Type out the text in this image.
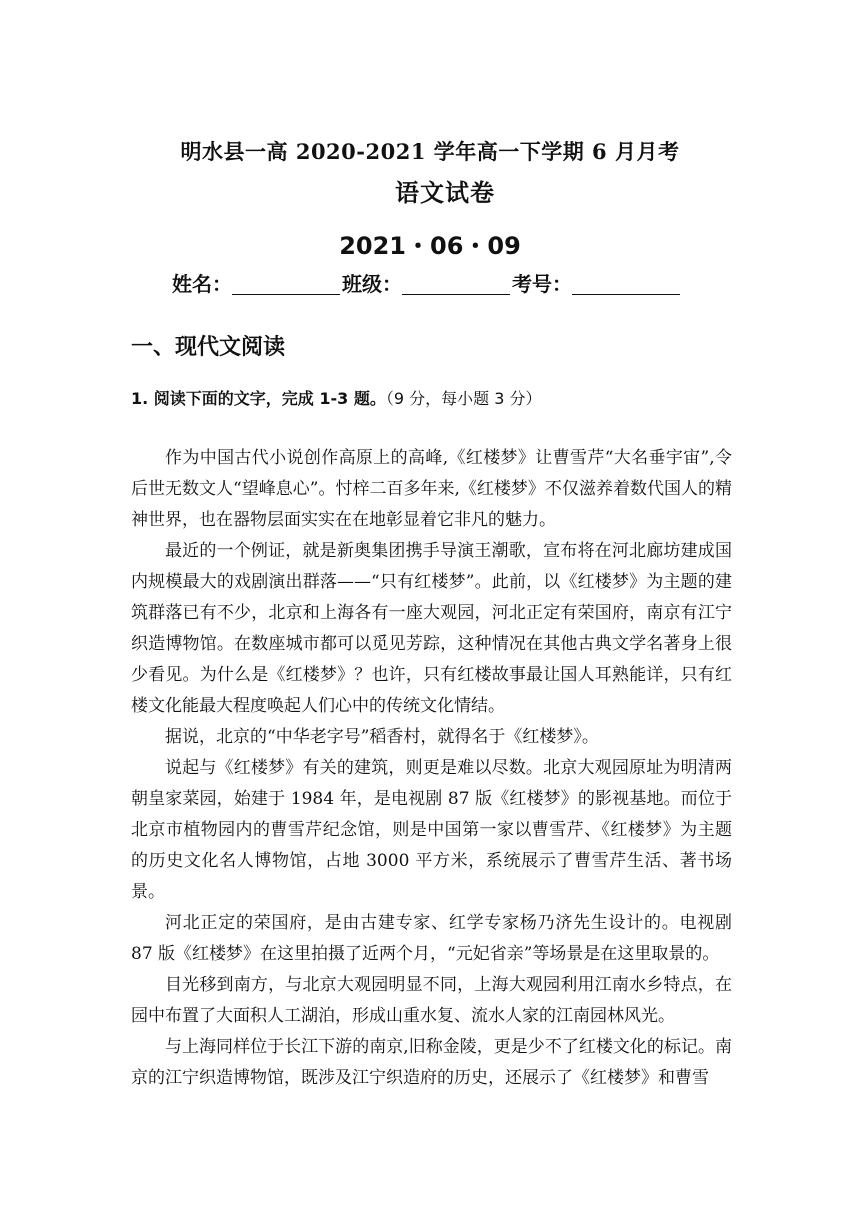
明水县一高 2020-2021 学年高一下学期 6 月月考
语文试卷
2021・06・09
姓名：	班级：	考号：
一、现代文阅读
1. 阅读下面的文字，完成 1-3 题。（9 分，每小题 3 分）

作为中国古代小说创作高原上的高峰,《红楼梦》让曹雪芹“大名垂宇宙”,令后世无数文人“望峰息心”。忖梓二百多年来,《红楼梦》不仅滋养着数代国人的精神世界，也在器物层面实实在在地彰显着它非凡的魅力。

最近的一个例证，就是新奥集团携手导演王潮歌，宣布将在河北廊坊建成国内规模最大的戏剧演出群落——“只有红楼梦”。此前，以《红楼梦》为主题的建筑群落已有不少，北京和上海各有一座大观园，河北正定有荣国府，南京有江宁织造博物馆。在数座城市都可以觅见芳踪，这种情况在其他古典文学名著身上很少看见。为什么是《红楼梦》？也许，只有红楼故事最让国人耳熟能详，只有红楼文化能最大程度唤起人们心中的传统文化情结。

据说，北京的“中华老字号”稻香村，就得名于《红楼梦》。

说起与《红楼梦》有关的建筑，则更是难以尽数。北京大观园原址为明清两朝皇家菜园，始建于 1984 年，是电视剧 87 版《红楼梦》的影视基地。而位于北京市植物园内的曹雪芹纪念馆，则是中国第一家以曹雪芹、《红楼梦》为主题的历史文化名人博物馆，占地 3000 平方米，系统展示了曹雪芹生活、著书场景。

河北正定的荣国府，是由古建专家、红学专家杨乃济先生设计的。电视剧 87 版《红楼梦》在这里拍摄了近两个月，“元妃省亲”等场景是在这里取景的。

目光移到南方，与北京大观园明显不同，上海大观园利用江南水乡特点，在园中布置了大面积人工湖泊，形成山重水复、流水人家的江南园林风光。

与上海同样位于长江下游的南京,旧称金陵，更是少不了红楼文化的标记。南京的江宁织造博物馆，既涉及江宁织造府的历史，还展示了《红楼梦》和曹雪
